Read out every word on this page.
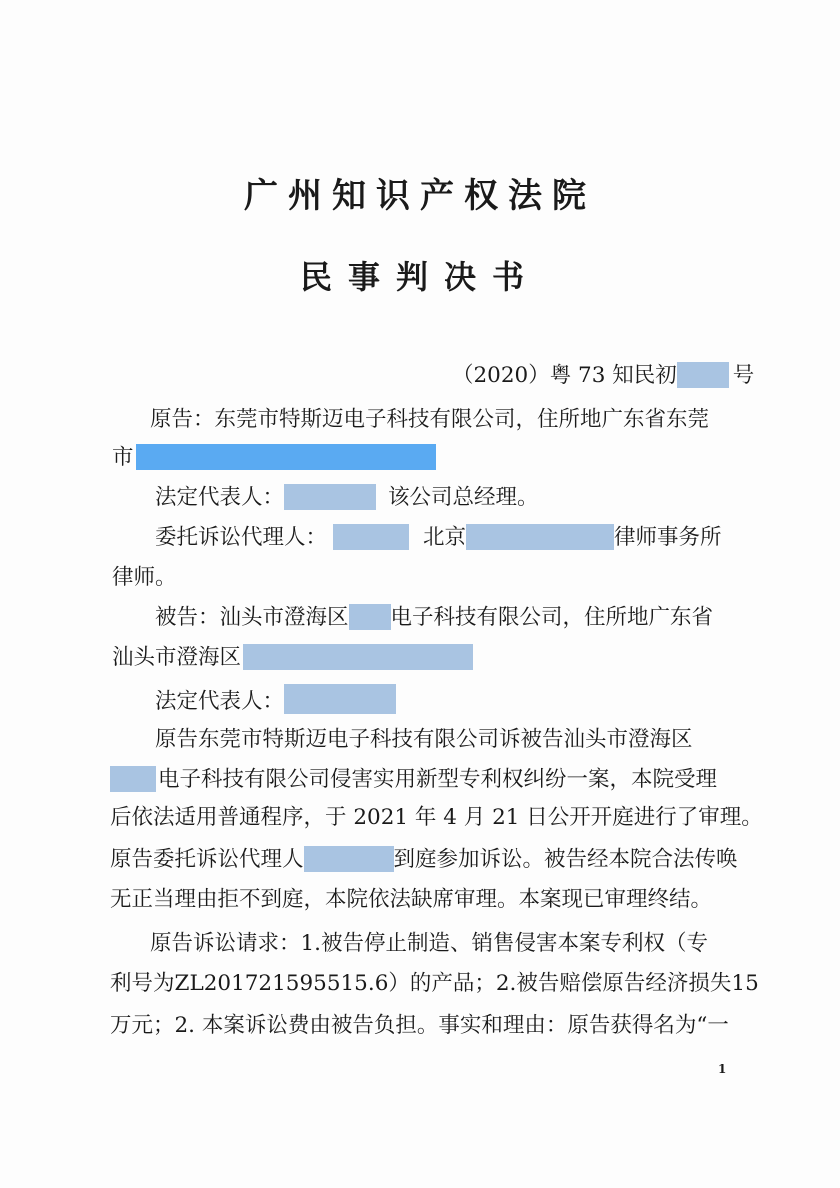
广州知识产权法院
民事判决书
（2020）粤 73 知民初	号
原告：东莞市特斯迈电子科技有限公司，住所地广东省东莞
市
法定代表人：	该公司总经理。
委托诉讼代理人：	北京	律师事务所
律师。
被告：汕头市澄海区 电子科技有限公司，住所地广东省
汕头市澄海区
法定代表人：
原告东莞市特斯迈电子科技有限公司诉被告汕头市澄海区
电子科技有限公司侵害实用新型专利权纠纷一案，本院受理
后依法适用普通程序，于 2021 年 4 月 21 日公开开庭进行了审理。
原告委托诉讼代理人	到庭参加诉讼。被告经本院合法传唤
无正当理由拒不到庭，本院依法缺席审理。本案现已审理终结。
原告诉讼请求：1.被告停止制造、销售侵害本案专利权（专
利号为ZL201721595515.6）的产品；2.被告赔偿原告经济损失15
万元；2. 本案诉讼费由被告负担。事实和理由：原告获得名为“一
1
